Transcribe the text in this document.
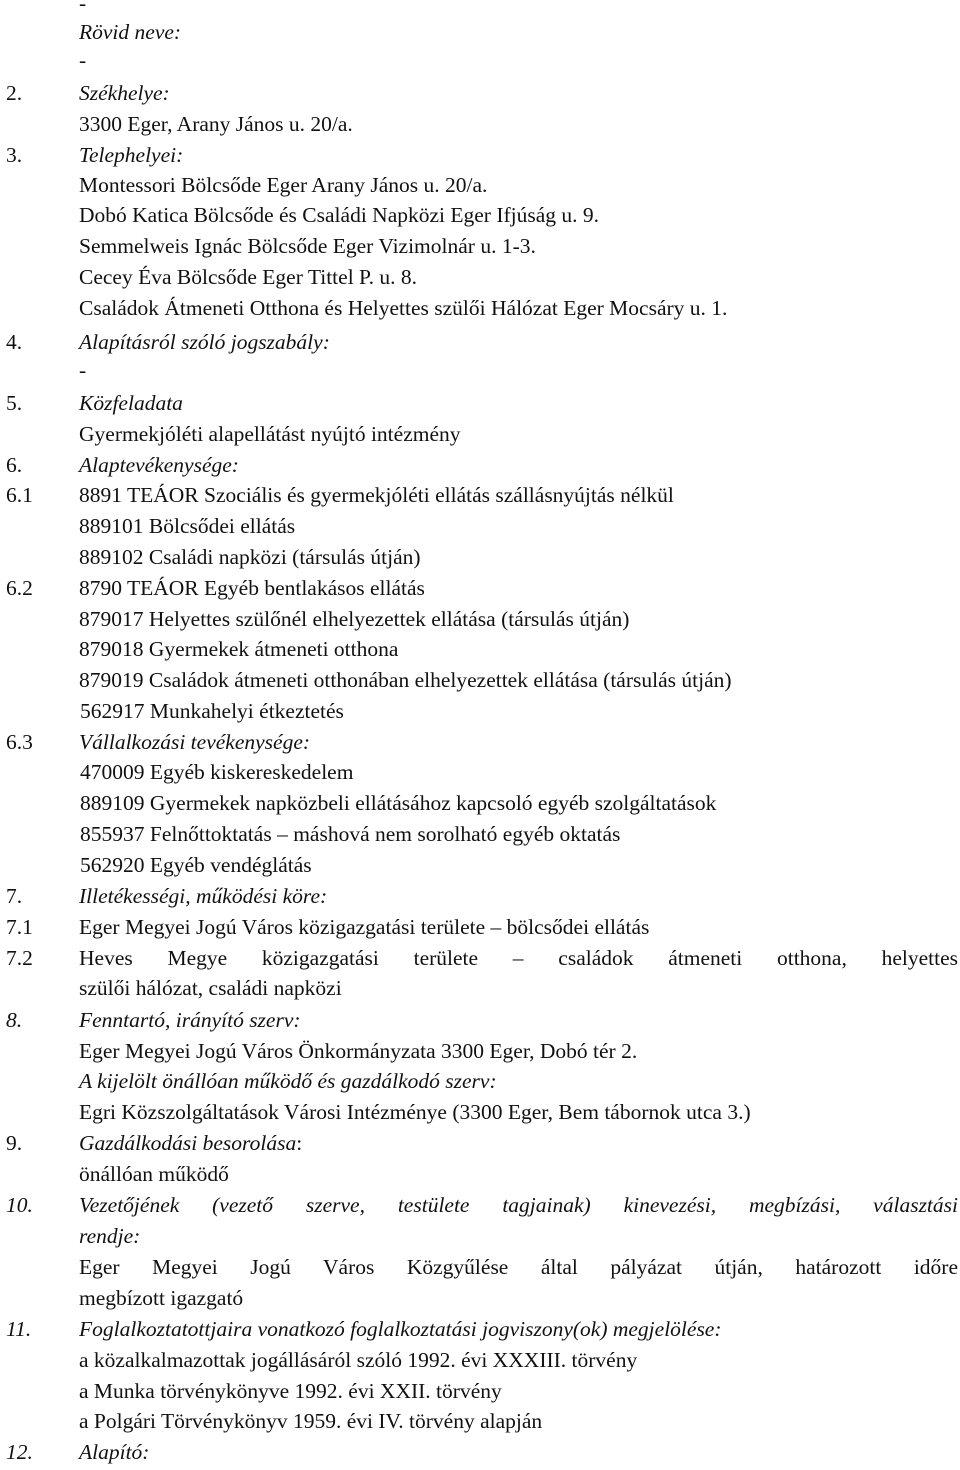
-
Rövid neve:
-
2.	Székhelye:
3300 Eger, Arany János u. 20/a.
3.	Telephelyei:
Montessori Bölcsőde Eger Arany János u. 20/a.
Dobó Katica Bölcsőde és Családi Napközi Eger Ifjúság u. 9.
Semmelweis Ignác Bölcsőde Eger Vizimolnár u. 1-3.
Cecey Éva Bölcsőde Eger Tittel P. u. 8.
Családok Átmeneti Otthona és Helyettes szülői Hálózat Eger Mocsáry u. 1.
4.	Alapításról szóló jogszabály:
-
5.	Közfeladata
Gyermekjóléti alapellátást nyújtó intézmény
6.	Alaptevékenysége:
6.1 8891 TEÁOR Szociális és gyermekjóléti ellátás szállásnyújtás nélkül
889101 Bölcsődei ellátás
889102 Családi napközi (társulás útján)
6.2 8790 TEÁOR Egyéb bentlakásos ellátás
879017 Helyettes szülőnél elhelyezettek ellátása (társulás útján)
879018 Gyermekek átmeneti otthona
879019 Családok átmeneti otthonában elhelyezettek ellátása (társulás útján)
562917 Munkahelyi étkeztetés
6.3 Vállalkozási tevékenysége:
470009 Egyéb kiskereskedelem
889109 Gyermekek napközbeli ellátásához kapcsoló egyéb szolgáltatások
855937 Felnőttoktatás – máshová nem sorolható egyéb oktatás
562920 Egyéb vendéglátás
7.	Illetékességi, működési köre:
7.1 Eger Megyei Jogú Város közigazgatási területe – bölcsődei ellátás
7.2 Heves Megye közigazgatási területe – családok átmeneti otthona, helyettes
szülői hálózat, családi napközi
8.	Fenntartó, irányító szerv:
Eger Megyei Jogú Város Önkormányzata 3300 Eger, Dobó tér 2.
A kijelölt önállóan működő és gazdálkodó szerv:
Egri Közszolgáltatások Városi Intézménye (3300 Eger, Bem tábornok utca 3.)
9.	Gazdálkodási besorolása:
önállóan működő
10. Vezetőjének (vezető szerve, testülete tagjainak) kinevezési, megbízási, választási
rendje:
Eger Megyei Jogú Város Közgyűlése által pályázat útján, határozott időre
megbízott igazgató
11. Foglalkoztatottjaira vonatkozó foglalkoztatási jogviszony(ok) megjelölése:
a közalkalmazottak jogállásáról szóló 1992. évi XXXIII. törvény
a Munka törvénykönyve 1992. évi XXII. törvény
a Polgári Törvénykönyv 1959. évi IV. törvény alapján
12. Alapító:
